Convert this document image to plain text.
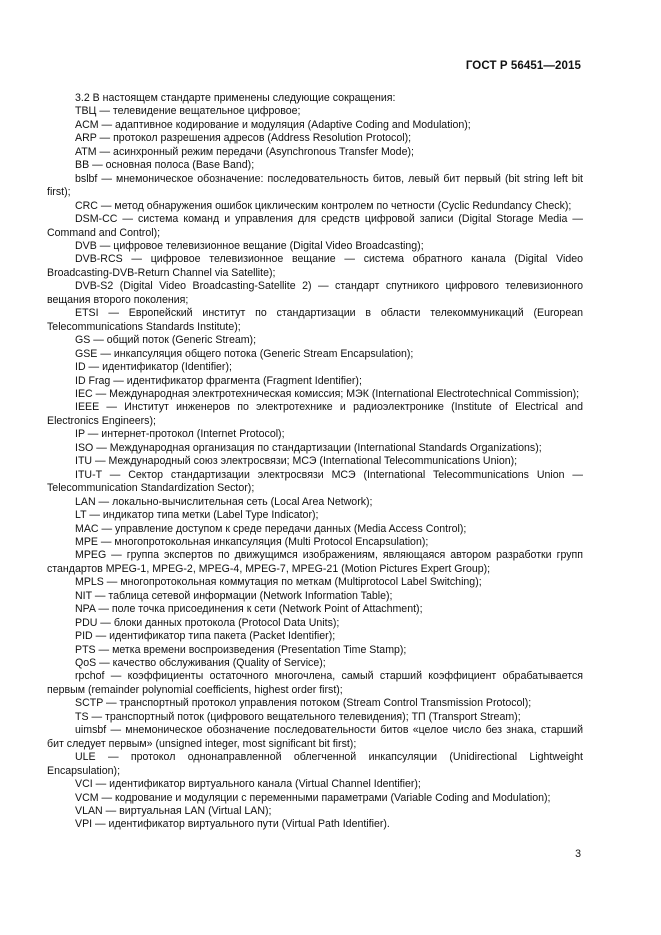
ГОСТ Р 56451—2015

3.2 В настоящем стандарте применены следующие сокращения:

ТВЦ — телевидение вещательное цифровое;

ACM — адаптивное кодирование и модуляция (Adaptive Coding and Modulation);

ARP — протокол разрешения адресов (Address Resolution Protocol);

ATM — асинхронный режим передачи (Asynchronous Transfer Mode);

BB — основная полоса (Base Band);

bslbf — мнемоническое обозначение: последовательность битов, левый бит первый (bit string left bit first);

CRC — метод обнаружения ошибок циклическим контролем по четности (Cyclic Redundancy Check);

DSM-CC — система команд и управления для средств цифровой записи (Digital Storage Media — Command and Control);

DVB — цифровое телевизионное вещание (Digital Video Broadcasting);

DVB-RCS — цифровое телевизионное вещание — система обратного канала (Digital Video Broadcasting-DVB-Return Channel via Satellite);

DVB-S2 (Digital Video Broadcasting-Satellite 2) — стандарт спутникого цифрового телевизионного вещания второго поколения;

ETSI — Европейский институт по стандартизации в области телекоммуникаций (European Telecommunications Standards Institute);

GS — общий поток (Generic Stream);

GSE — инкапсуляция общего потока (Generic Stream Encapsulation);

ID — идентификатор (Identifier);

ID Frag — идентификатор фрагмента (Fragment Identifier);

IEC — Международная электротехническая комиссия; МЭК (International Electrotechnical Commission);

IEEE — Институт инженеров по электротехнике и радиоэлектронике (Institute of Electrical and Electronics Engineers);

IP — интернет-протокол (Internet Protocol);

ISO — Международная организация по стандартизации (International Standards Organizations);

ITU — Международный союз электросвязи; МСЭ (International Telecommunications Union);

ITU-T — Сектор стандартизации электросвязи МСЭ (International Telecommunications Union — Telecommunication Standardization Sector);

LAN — локально-вычислительная сеть (Local Area Network);

LT — индикатор типа метки (Label Type Indicator);

MAC — управление доступом к среде передачи данных (Media Access Control);

MPE — многопротокольная инкапсуляция (Multi Protocol Encapsulation);

MPEG — группа экспертов по движущимся изображениям, являющаяся автором разработки групп стандартов MPEG-1, MPEG-2, MPEG-4, MPEG-7, MPEG-21 (Motion Pictures Expert Group);

MPLS — многопротокольная коммутация по меткам (Multiprotocol Label Switching);

NIT — таблица сетевой информации (Network Information Table);

NPA — поле точка присоединения к сети (Network Point of Attachment);

PDU — блоки данных протокола (Protocol Data Units);

PID — идентификатор типа пакета (Packet Identifier);

PTS — метка времени воспроизведения (Presentation Time Stamp);

QoS — качество обслуживания (Quality of Service);

rpchof — коэффициенты остаточного многочлена, самый старший коэффициент обрабатывается первым (remainder polynomial coefficients, highest order first);

SCTP — транспортный протокол управления потоком (Stream Control Transmission Protocol);

TS — транспортный поток (цифрового вещательного телевидения); ТП (Transport Stream);

uimsbf — мнемоническое обозначение последовательности битов «целое число без знака, старший бит следует первым» (unsigned integer, most significant bit first);

ULE — протокол однонаправленной облегченной инкапсуляции (Unidirectional Lightweight Encapsulation);

VCI — идентификатор виртуального канала (Virtual Channel Identifier);

VCM — кодрование и модуляции с переменными параметрами (Variable Coding and Modulation);

VLAN — виртуальная LAN (Virtual LAN);

VPI — идентификатор виртуального пути (Virtual Path Identifier).

3
